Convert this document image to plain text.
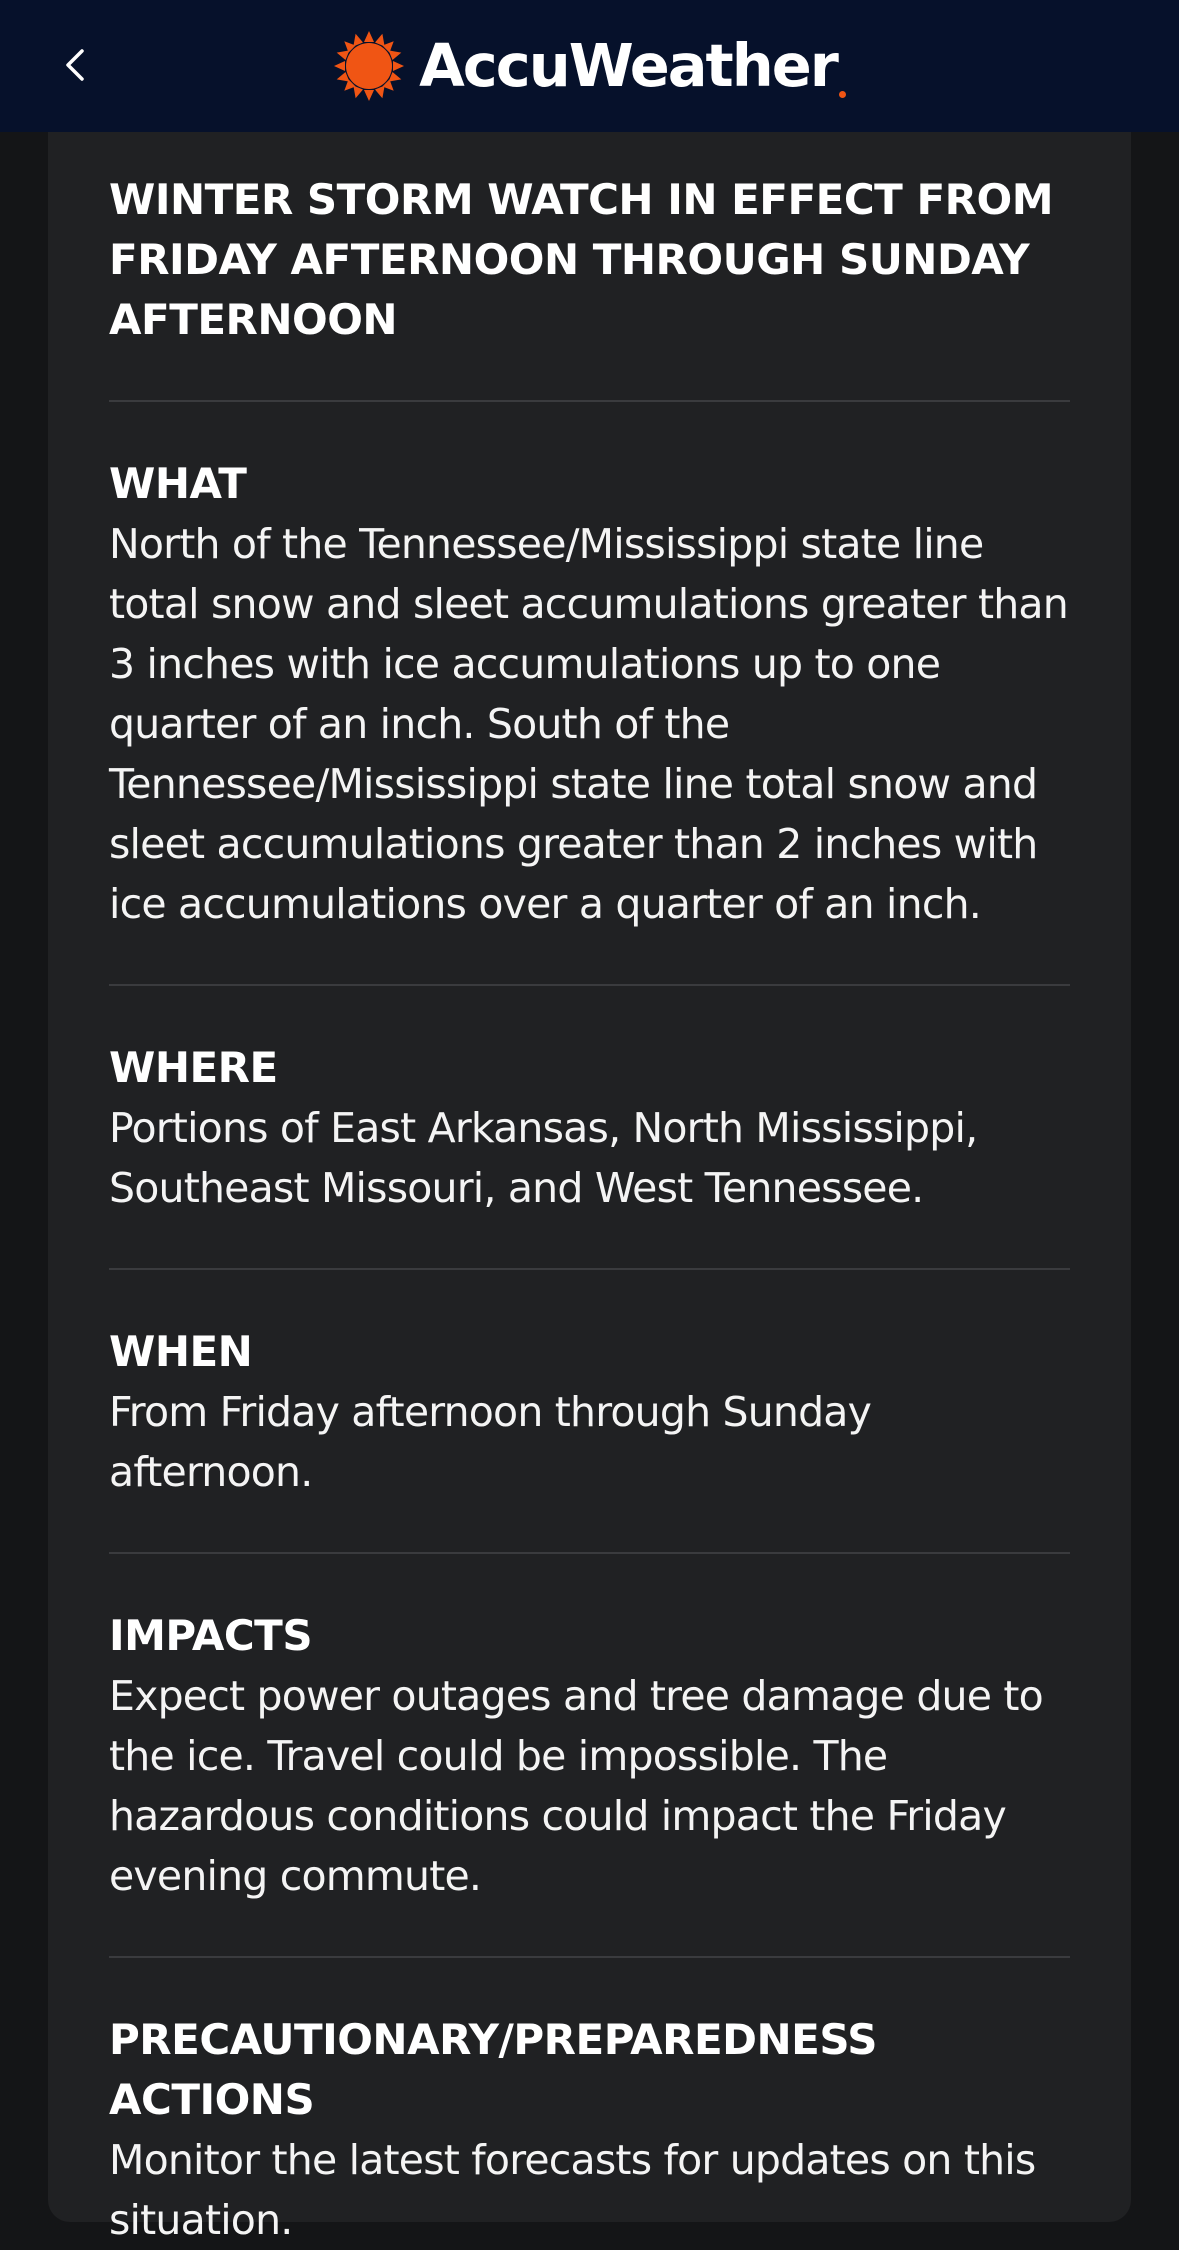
AccuWeather
WINTER STORM WATCH IN EFFECT FROM FRIDAY AFTERNOON THROUGH SUNDAY AFTERNOON
WHAT

North of the Tennessee/Mississippi state line total snow and sleet accumulations greater than 3 inches with ice accumulations up to one quarter of an inch. South of the Tennessee/Mississippi state line total snow and sleet accumulations greater than 2 inches with ice accumulations over a quarter of an inch.

WHERE

Portions of East Arkansas, North Mississippi, Southeast Missouri, and West Tennessee.

WHEN

From Friday afternoon through Sunday afternoon.

IMPACTS

Expect power outages and tree damage due to the ice. Travel could be impossible. The hazardous conditions could impact the Friday evening commute.

PRECAUTIONARY/PREPAREDNESS ACTIONS

Monitor the latest forecasts for updates on this situation.
